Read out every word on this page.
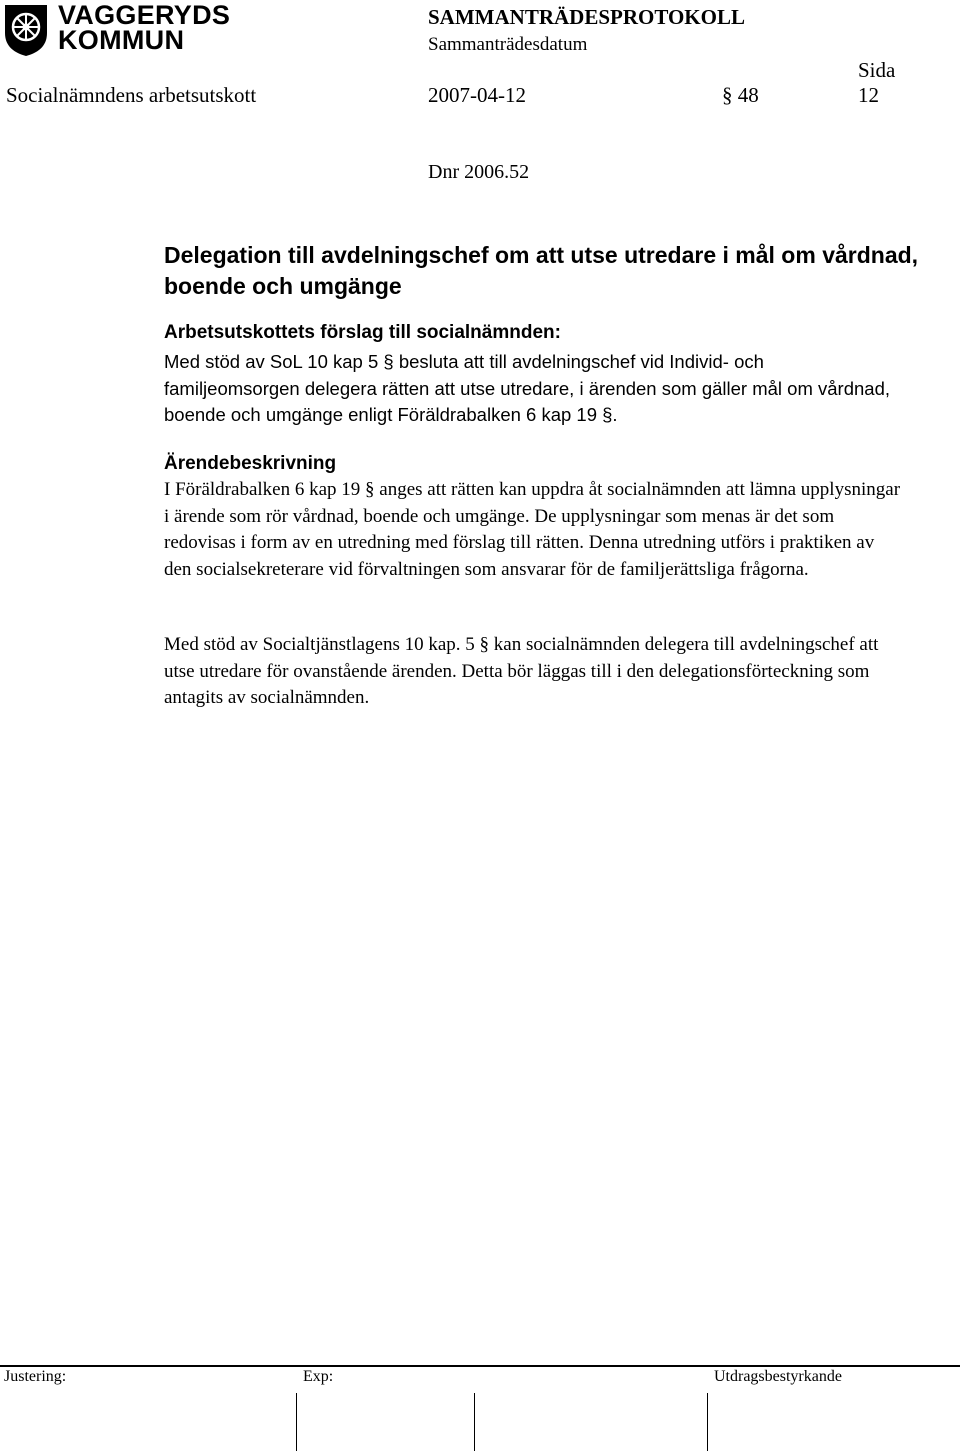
VAGGERYDS
KOMMUN
SAMMANTRÄDESPROTOKOLL
Sammanträdesdatum
Sida
Socialnämndens arbetsutskott	2007-04-12	§ 48	12
Dnr 2006.52
Delegation till avdelningschef om att utse utredare i mål om vårdnad, boende och umgänge
Arbetsutskottets förslag till socialnämnden:
Med stöd av SoL 10 kap 5 § besluta att till avdelningschef vid Individ- och familjeomsorgen delegera rätten att utse utredare, i ärenden som gäller mål om vårdnad, boende och umgänge enligt Föräldrabalken 6 kap 19 §.
Ärendebeskrivning
I Föräldrabalken 6 kap 19 § anges att rätten kan uppdra åt socialnämnden att lämna upplysningar i ärende som rör vårdnad, boende och umgänge. De upplysningar som menas är det som redovisas i form av en utredning med förslag till rätten. Denna utredning utförs i praktiken av den socialsekreterare vid förvaltningen som ansvarar för de familjerättsliga frågorna.
Med stöd av Socialtjänstlagens 10 kap. 5 § kan socialnämnden delegera till avdelningschef att utse utredare för ovanstående ärenden. Detta bör läggas till i den delegationsförteckning som antagits av socialnämnden.
Justering:	Exp:	Utdragsbestyrkande
